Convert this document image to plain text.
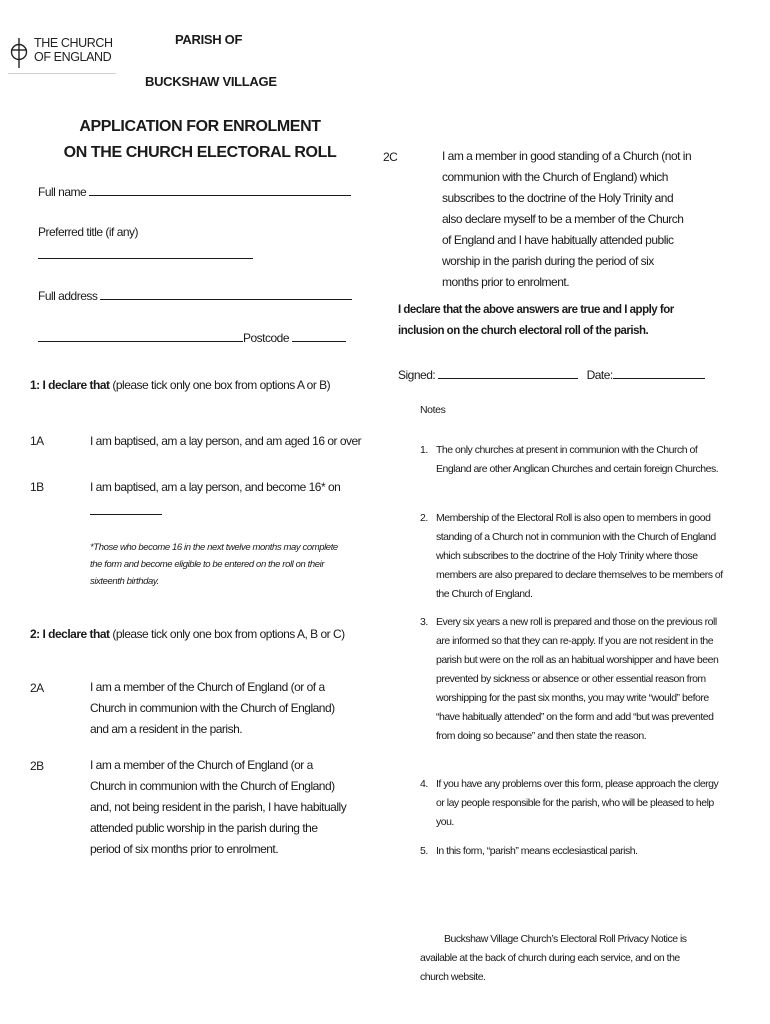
THE CHURCH
OF ENGLAND
PARISH OF
BUCKSHAW VILLAGE
APPLICATION FOR ENROLMENT
ON THE CHURCH ELECTORAL ROLL
Full name
Preferred title (if any)
Full address
Postcode
1: I declare that (please tick only one box from options A or B)
1A	I am baptised, am a lay person, and am aged 16 or over
1B	I am baptised, am a lay person, and become 16* on
*Those who become 16 in the next twelve months may complete the form and become eligible to be entered on the roll on their sixteenth birthday.
2: I declare that (please tick only one box from options A, B or C)
2A	I am a member of the Church of England (or of a Church in communion with the Church of England) and am a resident in the parish.
2B	I am a member of the Church of England (or a Church in communion with the Church of England) and, not being resident in the parish, I have habitually attended public worship in the parish during the period of six months prior to enrolment.
2C	I am a member in good standing of a Church (not in communion with the Church of England) which subscribes to the doctrine of the Holy Trinity and also declare myself to be a member of the Church of England and I have habitually attended public worship in the parish during the period of six months prior to enrolment.
I declare that the above answers are true and I apply for inclusion on the church electoral roll of the parish.
Signed:	Date:
Notes
1. The only churches at present in communion with the Church of England are other Anglican Churches and certain foreign Churches.
2. Membership of the Electoral Roll is also open to members in good standing of a Church not in communion with the Church of England which subscribes to the doctrine of the Holy Trinity where those members are also prepared to declare themselves to be members of the Church of England.
3. Every six years a new roll is prepared and those on the previous roll are informed so that they can re-apply. If you are not resident in the parish but were on the roll as an habitual worshipper and have been prevented by sickness or absence or other essential reason from worshipping for the past six months, you may write “would” before “have habitually attended” on the form and add “but was prevented from doing so because” and then state the reason.
4. If you have any problems over this form, please approach the clergy or lay people responsible for the parish, who will be pleased to help you.
5. In this form, “parish” means ecclesiastical parish.
Buckshaw Village Church’s Electoral Roll Privacy Notice is available at the back of church during each service, and on the church website.
